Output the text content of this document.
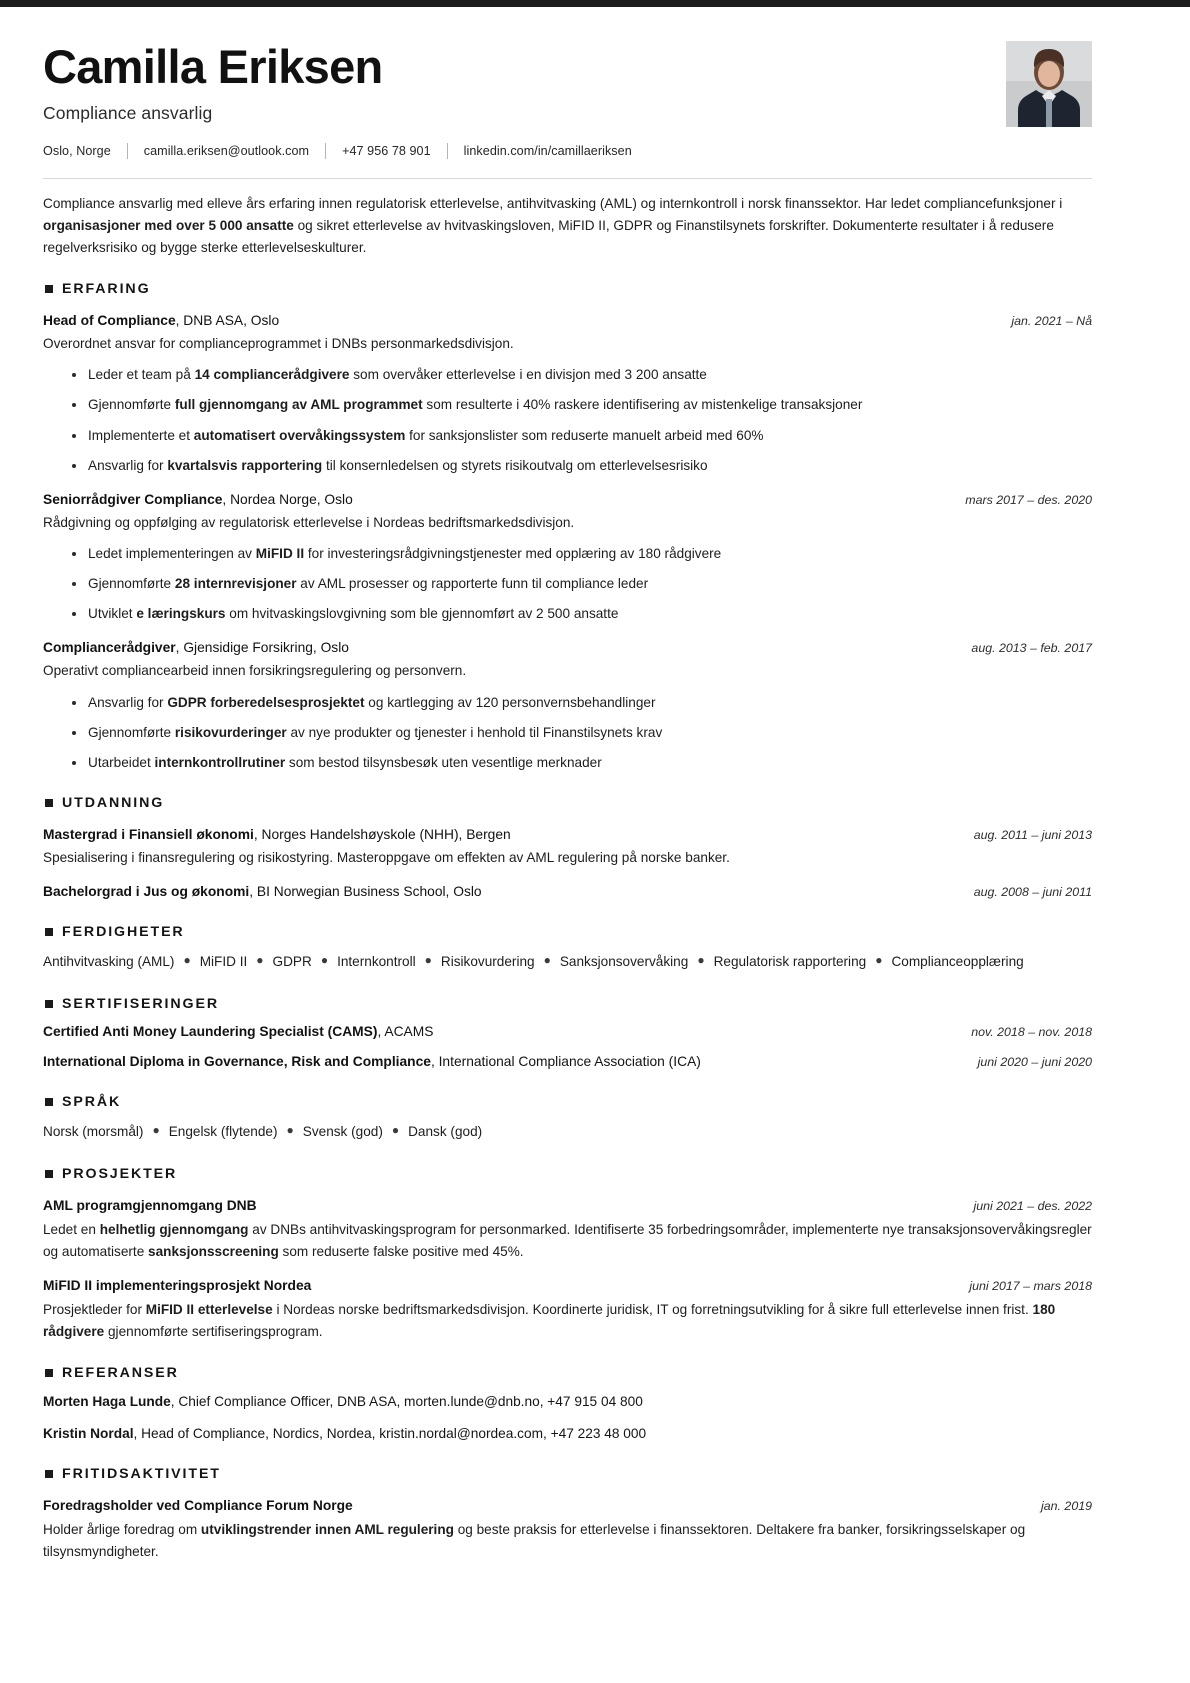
Camilla Eriksen
Compliance ansvarlig
Oslo, Norge	camilla.eriksen@outlook.com	+47 956 78 901	linkedin.com/in/camillaeriksen
Compliance ansvarlig med elleve års erfaring innen regulatorisk etterlevelse, antihvitvasking (AML) og internkontroll i norsk finanssektor. Har ledet compliancefunksjoner i organisasjoner med over 5 000 ansatte og sikret etterlevelse av hvitvaskingsloven, MiFID II, GDPR og Finanstilsynets forskrifter. Dokumenterte resultater i å redusere regelverksrisiko og bygge sterke etterlevelseskulturer.
ERFARING
Head of Compliance, DNB ASA, Oslo	jan. 2021 – Nå
Overordnet ansvar for complianceprogrammet i DNBs personmarkedsdivisjon.
Leder et team på 14 compliancerådgivere som overvåker etterlevelse i en divisjon med 3 200 ansatte
Gjennomførte full gjennomgang av AML programmet som resulterte i 40% raskere identifisering av mistenkelige transaksjoner
Implementerte et automatisert overvåkingssystem for sanksjonslister som reduserte manuelt arbeid med 60%
Ansvarlig for kvartalsvis rapportering til konsernledelsen og styrets risikoutvalg om etterlevelsesrisiko
Seniorrådgiver Compliance, Nordea Norge, Oslo	mars 2017 – des. 2020
Rådgivning og oppfølging av regulatorisk etterlevelse i Nordeas bedriftsmarkedsdivisjon.
Ledet implementeringen av MiFID II for investeringsrådgivningstjenester med opplæring av 180 rådgivere
Gjennomførte 28 internrevisjoner av AML prosesser og rapporterte funn til compliance leder
Utviklet e læringskurs om hvitvaskingslovgivning som ble gjennomført av 2 500 ansatte
Compliancerådgiver, Gjensidige Forsikring, Oslo	aug. 2013 – feb. 2017
Operativt compliancearbeid innen forsikringsregulering og personvern.
Ansvarlig for GDPR forberedelsesprosjektet og kartlegging av 120 personvernsbehandlinger
Gjennomførte risikovurderinger av nye produkter og tjenester i henhold til Finanstilsynets krav
Utarbeidet internkontrollrutiner som bestod tilsynsbesøk uten vesentlige merknader
UTDANNING
Mastergrad i Finansiell økonomi, Norges Handelshøyskole (NHH), Bergen	aug. 2011 – juni 2013
Spesialisering i finansregulering og risikostyring. Masteroppgave om effekten av AML regulering på norske banker.
Bachelorgrad i Jus og økonomi, BI Norwegian Business School, Oslo	aug. 2008 – juni 2011
FERDIGHETER
Antihvitvasking (AML) ● MiFID II ● GDPR ● Internkontroll ● Risikovurdering ● Sanksjonsovervåking ● Regulatorisk rapportering ● Complianceopplæring
SERTIFISERINGER
Certified Anti Money Laundering Specialist (CAMS), ACAMS	nov. 2018 – nov. 2018
International Diploma in Governance, Risk and Compliance, International Compliance Association (ICA)	juni 2020 – juni 2020
SPRÅK
Norsk (morsmål) ● Engelsk (flytende) ● Svensk (god) ● Dansk (god)
PROSJEKTER
AML programgjennomgang DNB	juni 2021 – des. 2022
Ledet en helhetlig gjennomgang av DNBs antihvitvaskingsprogram for personmarked. Identifiserte 35 forbedringsområder, implementerte nye transaksjonsovervåkingsregler og automatiserte sanksjonsscreening som reduserte falske positive med 45%.
MiFID II implementeringsprosjekt Nordea	juni 2017 – mars 2018
Prosjektleder for MiFID II etterlevelse i Nordeas norske bedriftsmarkedsdivisjon. Koordinerte juridisk, IT og forretningsutvikling for å sikre full etterlevelse innen frist. 180 rådgivere gjennomførte sertifiseringsprogram.
REFERANSER
Morten Haga Lunde, Chief Compliance Officer, DNB ASA, morten.lunde@dnb.no, +47 915 04 800
Kristin Nordal, Head of Compliance, Nordics, Nordea, kristin.nordal@nordea.com, +47 223 48 000
FRITIDSAKTIVITET
Foredragsholder ved Compliance Forum Norge	jan. 2019
Holder årlige foredrag om utviklingstrender innen AML regulering og beste praksis for etterlevelse i finanssektoren. Deltakere fra banker, forsikringsselskaper og tilsynsmyndigheter.
